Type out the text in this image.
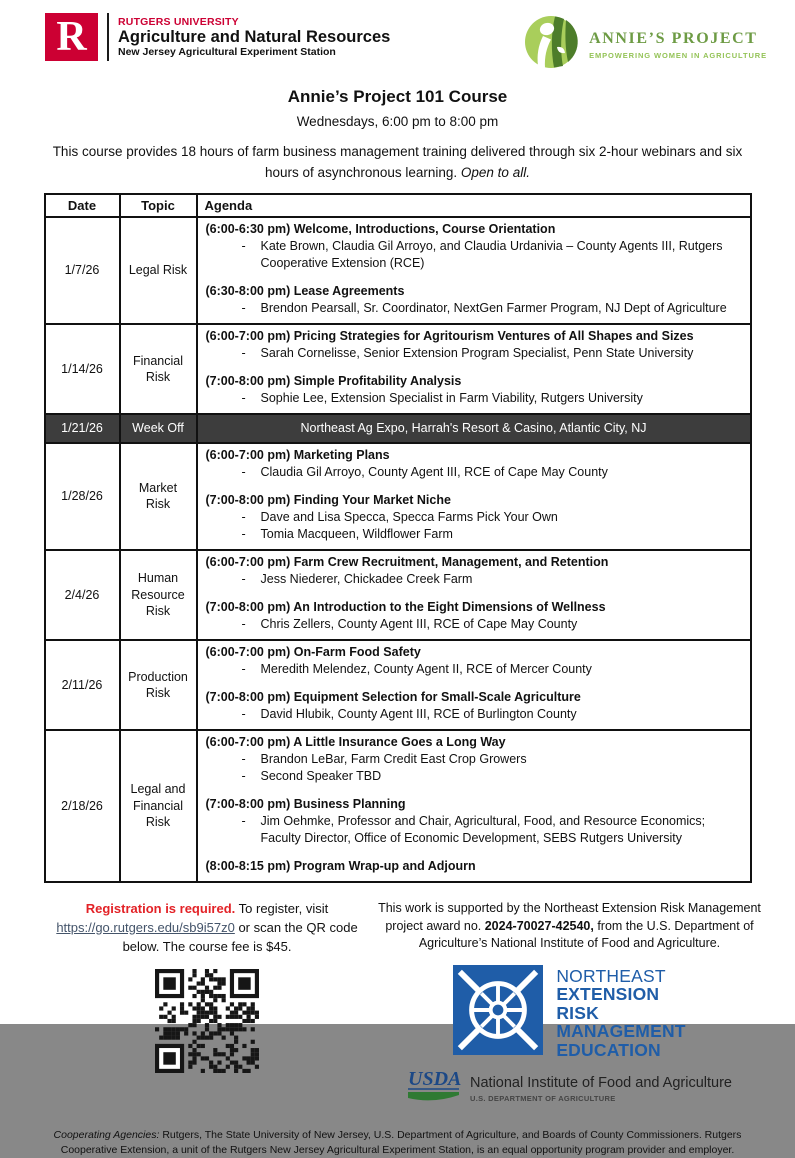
R	RUTGERS UNIVERSITY
Agriculture and Natural Resources
New Jersey Agricultural Experiment Station
ANNIE’S PROJECT
EMPOWERING WOMEN IN AGRICULTURE
Annie’s Project 101 Course
Wednesdays, 6:00 pm to 8:00 pm
This course provides 18 hours of farm business management training delivered through six 2-hour webinars and six hours of asynchronous learning. Open to all.
Date	Topic	Agenda
1/7/26	Legal Risk	
(6:00-6:30 pm) Welcome, Introductions, Course Orientation
-	Kate Brown, Claudia Gil Arroyo, and Claudia Urdanivia – County Agents III, Rutgers Cooperative Extension (RCE)
(6:30-8:00 pm) Lease Agreements
-	Brendon Pearsall, Sr. Coordinator, NextGen Farmer Program, NJ Dept of Agriculture

1/14/26	Financial Risk	
(6:00-7:00 pm) Pricing Strategies for Agritourism Ventures of All Shapes and Sizes
-	Sarah Cornelisse, Senior Extension Program Specialist, Penn State University
(7:00-8:00 pm) Simple Profitability Analysis
-	Sophie Lee, Extension Specialist in Farm Viability, Rutgers University

1/21/26	Week Off	Northeast Ag Expo, Harrah's Resort & Casino, Atlantic City, NJ
1/28/26	Market Risk	
(6:00-7:00 pm) Marketing Plans
-	Claudia Gil Arroyo, County Agent III, RCE of Cape May County
(7:00-8:00 pm) Finding Your Market Niche
-	Dave and Lisa Specca, Specca Farms Pick Your Own
-	Tomia Macqueen, Wildflower Farm

2/4/26	Human Resource Risk	
(6:00-7:00 pm) Farm Crew Recruitment, Management, and Retention
-	Jess Niederer, Chickadee Creek Farm
(7:00-8:00 pm) An Introduction to the Eight Dimensions of Wellness
-	Chris Zellers, County Agent III, RCE of Cape May County

2/11/26	Production Risk	
(6:00-7:00 pm) On-Farm Food Safety
-	Meredith Melendez, County Agent II, RCE of Mercer County
(7:00-8:00 pm) Equipment Selection for Small-Scale Agriculture
-	David Hlubik, County Agent III, RCE of Burlington County

2/18/26	Legal and Financial Risk	
(6:00-7:00 pm) A Little Insurance Goes a Long Way
-	Brandon LeBar, Farm Credit East Crop Growers
-	Second Speaker TBD
(7:00-8:00 pm) Business Planning
-	Jim Oehmke, Professor and Chair, Agricultural, Food, and Resource Economics; Faculty Director, Office of Economic Development, SEBS Rutgers University
(8:00-8:15 pm) Program Wrap-up and Adjourn
Registration is required. To register, visit https://go.rutgers.edu/sb9i57z0 or scan the QR code below. The course fee is $45.
This work is supported by the Northeast Extension Risk Management project award no. 2024-70027-42540, from the U.S. Department of Agriculture’s National Institute of Food and Agriculture.
NORTHEAST
EXTENSION
RISK
MANAGEMENT
EDUCATION
USDA National Institute of Food and Agriculture
U.S. DEPARTMENT OF AGRICULTURE
Cooperating Agencies: Rutgers, The State University of New Jersey, U.S. Department of Agriculture, and Boards of County Commissioners. Rutgers Cooperative Extension, a unit of the Rutgers New Jersey Agricultural Experiment Station, is an equal opportunity program provider and employer.
